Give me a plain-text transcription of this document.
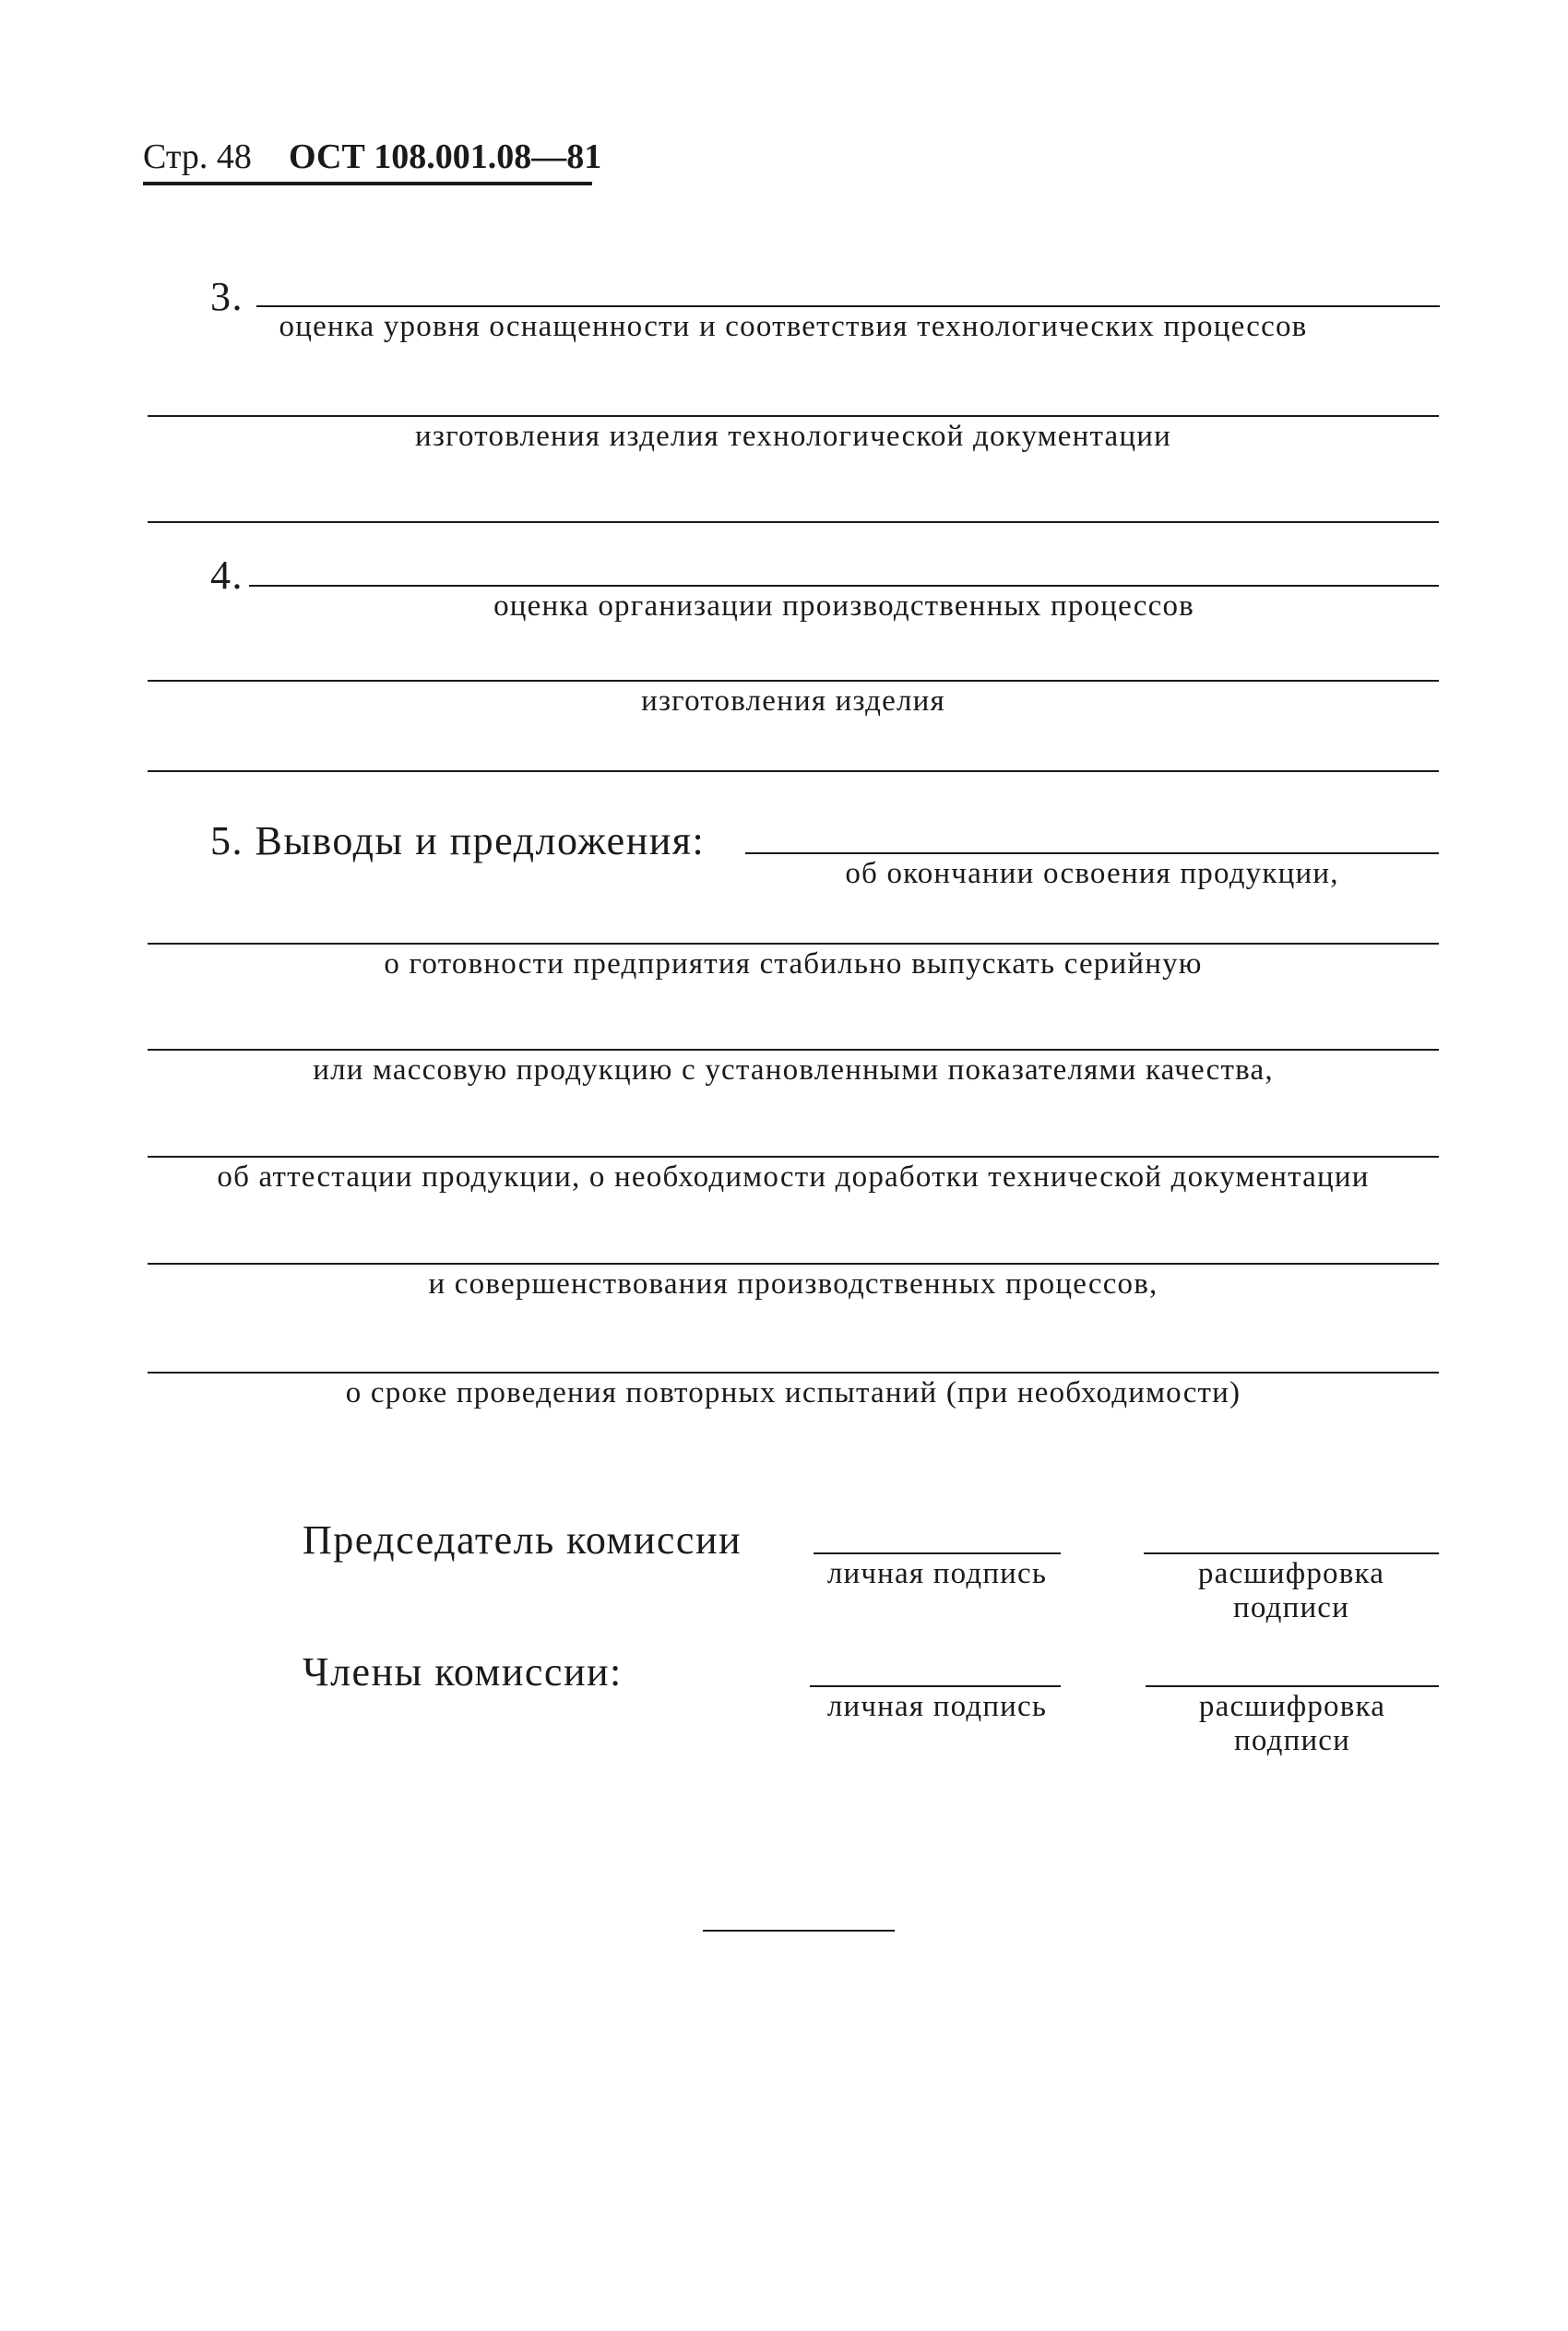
Стр. 48 ОСТ 108.001.08—81
3.
оценка уровня оснащенности и соответствия технологических процессов
изготовления изделия технологической документации
4.
оценка организации производственных процессов
изготовления изделия
5. Выводы и предложения:
об окончании освоения продукции,
о готовности предприятия стабильно выпускать серийную
или массовую продукцию с установленными показателями качества,
об аттестации продукции, о необходимости доработки технической документации
и совершенствования производственных процессов,
о сроке проведения повторных испытаний (при необходимости)
Председатель комиссии
личная подпись	расшифровка
подписи
Члены комиссии:
личная подпись	расшифровка
подписи
